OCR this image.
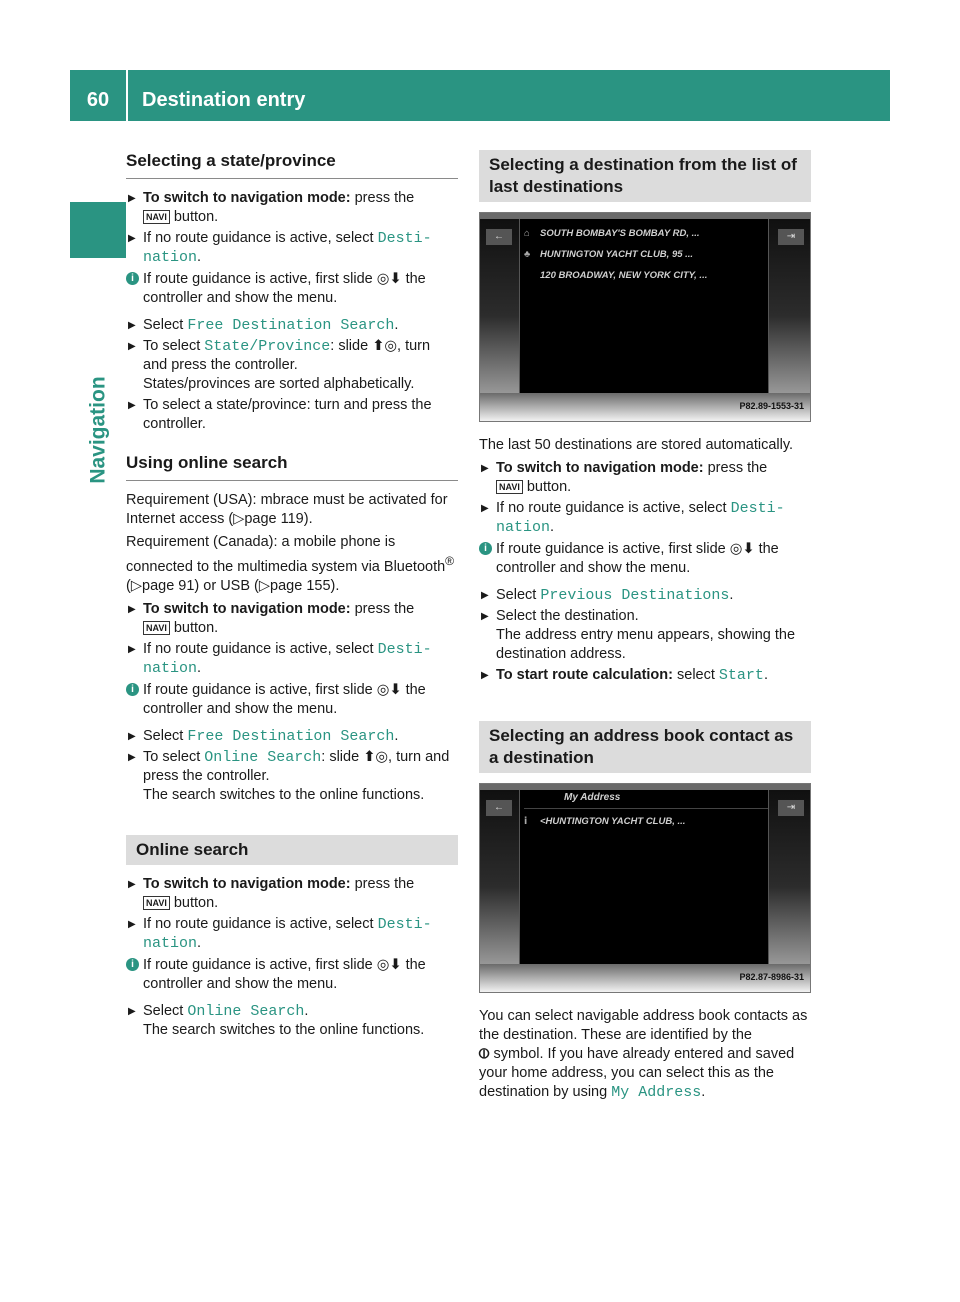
60	Destination entry
Navigation
Selecting a state/province
▶ To switch to navigation mode: press the
NAVI button.
▶ If no route guidance is active, select Desti‐
nation.
i If route guidance is active, first slide ◎⬇ the controller and show the menu.
▶ Select Free Destination Search.
▶ To select State/Province: slide ⬆◎, turn and press the controller.
States/provinces are sorted alphabetically.
▶ To select a state/province: turn and press the controller.
Using online search
Requirement (USA): mbrace must be activated for Internet access (▷page 119).
Requirement (Canada): a mobile phone is connected to the multimedia system via Bluetooth®
(▷page 91) or USB (▷page 155).
▶ To switch to navigation mode: press the
NAVI button.
▶ If no route guidance is active, select Desti‐
nation.
i If route guidance is active, first slide ◎⬇ the controller and show the menu.
▶ Select Free Destination Search.
▶ To select Online Search: slide ⬆◎, turn and press the controller.
The search switches to the online functions.
Online search
▶ To switch to navigation mode: press the
NAVI button.
▶ If no route guidance is active, select Desti‐
nation.
i If route guidance is active, first slide ◎⬇ the controller and show the menu.
▶ Select Online Search.
The search switches to the online functions.
Selecting a destination from the list of last destinations
←	⇥
⌂ SOUTH BOMBAY'S BOMBAY RD, ...
♣ HUNTINGTON YACHT CLUB, 95 ...
120 BROADWAY, NEW YORK CITY, ...
P82.89-1553-31
The last 50 destinations are stored automatically.
▶ To switch to navigation mode: press the
NAVI button.
▶ If no route guidance is active, select Desti‐
nation.
i If route guidance is active, first slide ◎⬇ the controller and show the menu.
▶ Select Previous Destinations.
▶ Select the destination.
The address entry menu appears, showing the destination address.
▶ To start route calculation: select Start.
Selecting an address book contact as a destination
←	⇥
My Address
ⅰ <HUNTINGTON YACHT CLUB, ...
P82.87-8986-31
You can select navigable address book contacts as the destination. These are identified by the
⦶ symbol. If you have already entered and saved your home address, you can select this as the destination by using My Address.
